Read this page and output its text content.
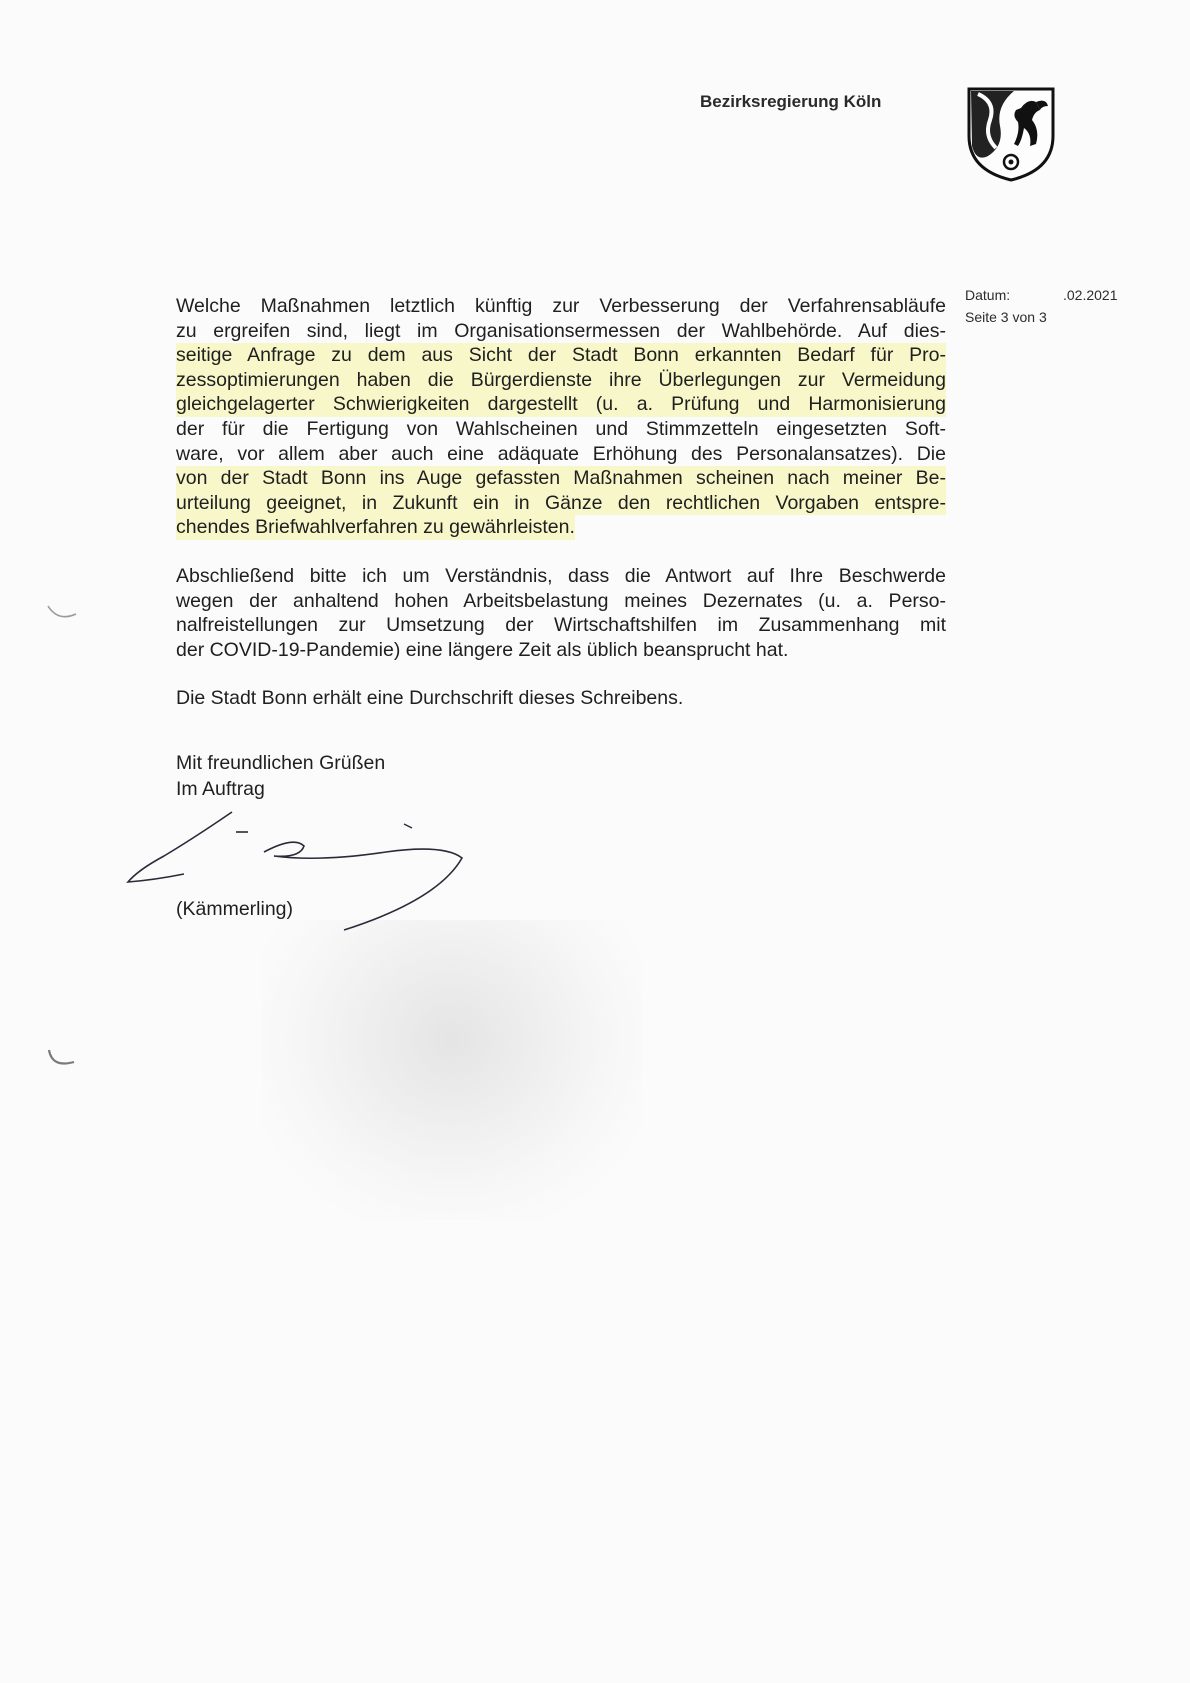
Bezirksregierung Köln
Datum:	.02.2021
Seite 3 von 3
Welche Maßnahmen letztlich künftig zur Verbesserung der Verfahrensabläufe
zu ergreifen sind, liegt im Organisationsermessen der Wahlbehörde. Auf dies-
seitige Anfrage zu dem aus Sicht der Stadt Bonn erkannten Bedarf für Pro-
zessoptimierungen haben die Bürgerdienste ihre Überlegungen zur Vermeidung
gleichgelagerter Schwierigkeiten dargestellt (u. a. Prüfung und Harmonisierung
der für die Fertigung von Wahlscheinen und Stimmzetteln eingesetzten Soft-
ware, vor allem aber auch eine adäquate Erhöhung des Personalansatzes). Die
von der Stadt Bonn ins Auge gefassten Maßnahmen scheinen nach meiner Be-
urteilung geeignet, in Zukunft ein in Gänze den rechtlichen Vorgaben entspre-
chendes Briefwahlverfahren zu gewährleisten.
Abschließend bitte ich um Verständnis, dass die Antwort auf Ihre Beschwerde
wegen der anhaltend hohen Arbeitsbelastung meines Dezernates (u. a. Perso-
nalfreistellungen zur Umsetzung der Wirtschaftshilfen im Zusammenhang mit
der COVID-19-Pandemie) eine längere Zeit als üblich beansprucht hat.
Die Stadt Bonn erhält eine Durchschrift dieses Schreibens.
Mit freundlichen Grüßen
Im Auftrag
(Kämmerling)
